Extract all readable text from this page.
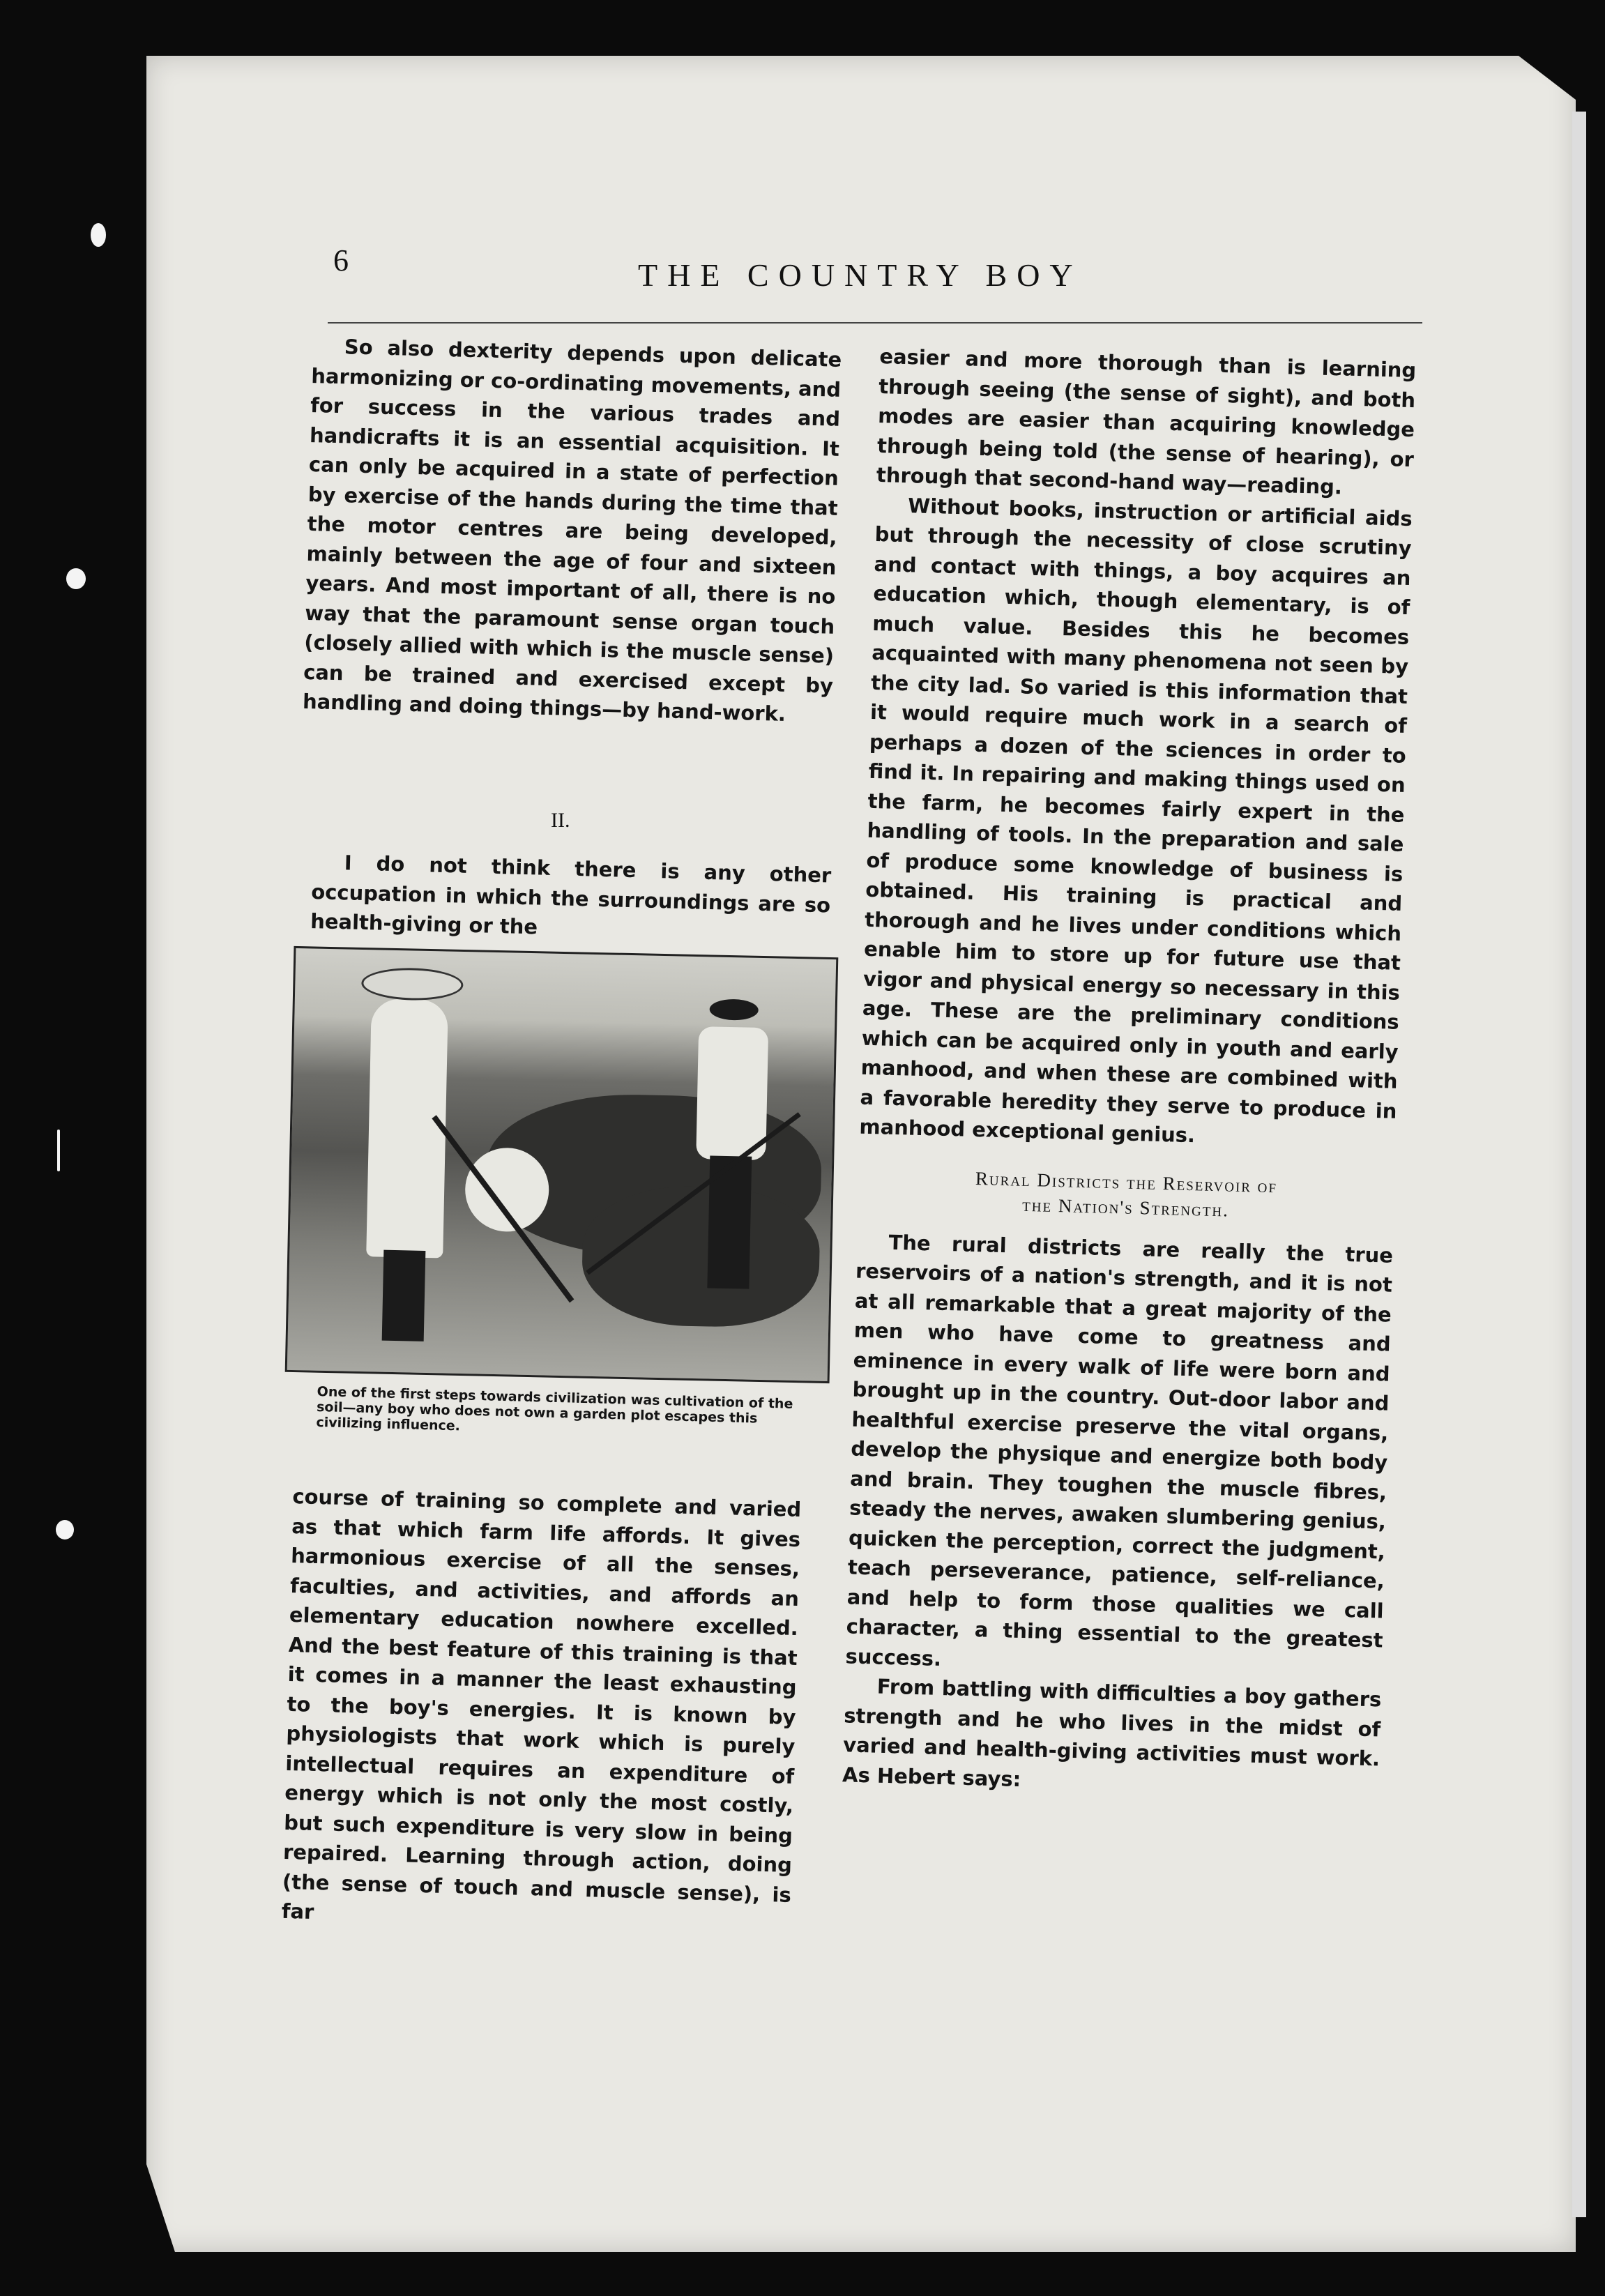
6	THE COUNTRY BOY

So also dexterity depends upon delicate harmonizing or co-ordinating movements, and for success in the various trades and handicrafts it is an essential acquisition. It can only be acquired in a state of perfection by exercise of the hands during the time that the motor centres are being developed, mainly between the age of four and sixteen years. And most important of all, there is no way that the paramount sense organ touch (closely allied with which is the muscle sense) can be trained and exercised except by handling and doing things—by hand-work.

II.

I do not think there is any other occupation in which the surroundings are so health-giving or the

One of the first steps towards civilization was cultivation of the soil—any boy who does not own a garden plot escapes this civilizing influence.

course of training so complete and varied as that which farm life affords. It gives harmonious exercise of all the senses, faculties, and activities, and affords an elementary education nowhere excelled. And the best feature of this training is that it comes in a manner the least exhausting to the boy's energies. It is known by physiologists that work which is purely intellectual requires an expenditure of energy which is not only the most costly, but such expenditure is very slow in being repaired. Learning through action, doing (the sense of touch and muscle sense), is far

easier and more thorough than is learning through seeing (the sense of sight), and both modes are easier than acquiring knowledge through being told (the sense of hearing), or through that second-hand way—reading.

Without books, instruction or artificial aids but through the necessity of close scrutiny and contact with things, a boy acquires an education which, though elementary, is of much value. Besides this he becomes acquainted with many phenomena not seen by the city lad. So varied is this information that it would require much work in a search of perhaps a dozen of the sciences in order to find it. In repairing and making things used on the farm, he becomes fairly expert in the handling of tools. In the preparation and sale of produce some knowledge of business is obtained. His training is practical and thorough and he lives under conditions which enable him to store up for future use that vigor and physical energy so necessary in this age. These are the preliminary conditions which can be acquired only in youth and early manhood, and when these are combined with a favorable heredity they serve to produce in manhood exceptional genius.

Rural Districts the Reservoir of
the Nation's Strength.

The rural districts are really the true reservoirs of a nation's strength, and it is not at all remarkable that a great majority of the men who have come to greatness and eminence in every walk of life were born and brought up in the country. Out-door labor and healthful exercise preserve the vital organs, develop the physique and energize both body and brain. They toughen the muscle fibres, steady the nerves, awaken slumbering genius, quicken the perception, correct the judgment, teach perseverance, patience, self-reliance, and help to form those qualities we call character, a thing essential to the greatest success.

From battling with difficulties a boy gathers strength and he who lives in the midst of varied and health-giving activities must work. As Hebert says:
